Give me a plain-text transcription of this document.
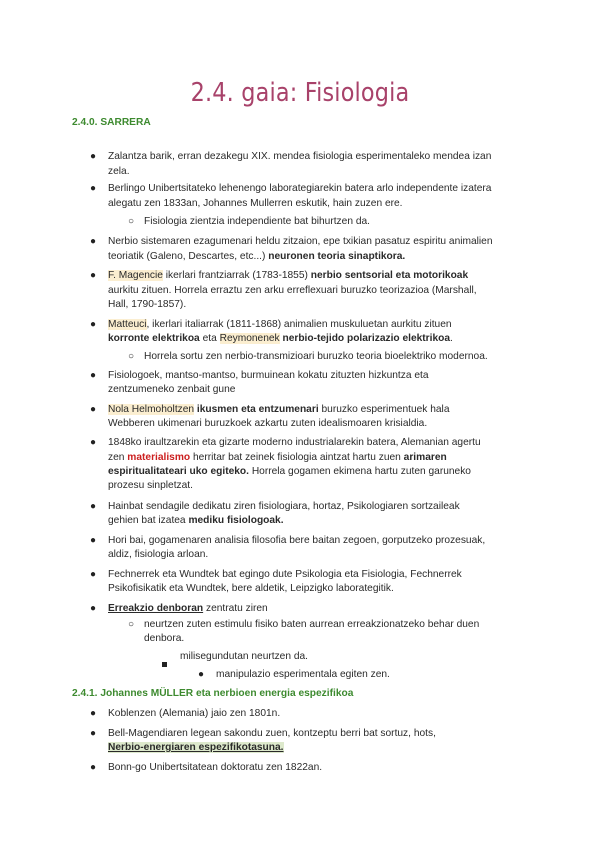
2.4. gaia: Fisiologia
2.4.0. SARRERA
● Zalantza barik, erran dezakegu XIX. mendea fisiologia esperimentaleko mendea izan
zela.
● Berlingo Unibertsitateko lehenengo laborategiarekin batera arlo independente izatera
alegatu zen 1833an, Johannes Mullerren eskutik, hain zuzen ere.
○ Fisiologia zientzia independiente bat bihurtzen da.
● Nerbio sistemaren ezagumenari heldu zitzaion, epe txikian pasatuz espiritu animalien
teoriatik (Galeno, Descartes, etc...) neuronen teoria sinaptikora.
● F. Magencie ikerlari frantziarrak (1783-1855) nerbio sentsorial eta motorikoak
aurkitu zituen. Horrela erraztu zen arku erreflexuari buruzko teorizazioa (Marshall,
Hall, 1790-1857).
● Matteuci, ikerlari italiarrak (1811-1868) animalien muskuluetan aurkitu zituen
korronte elektrikoa eta Reymonenek nerbio-tejido polarizazio elektrikoa.
○ Horrela sortu zen nerbio-transmizioari buruzko teoria bioelektriko modernoa.
● Fisiologoek, mantso-mantso, burmuinean kokatu zituzten hizkuntza eta
zentzumeneko zenbait gune
● Nola Helmoholtzen ikusmen eta entzumenari buruzko esperimentuek hala
Webberen ukimenari buruzkoek azkartu zuten idealismoaren krisialdia.
● 1848ko iraultzarekin eta gizarte moderno industrialarekin batera, Alemanian agertu
zen materialismo herritar bat zeinek fisiologia aintzat hartu zuen arimaren
espiritualitateari uko egiteko. Horrela gogamen ekimena hartu zuten garuneko
prozesu sinpletzat.
● Hainbat sendagile dedikatu ziren fisiologiara, hortaz, Psikologiaren sortzaileak
gehien bat izatea mediku fisiologoak.
● Hori bai, gogamenaren analisia filosofia bere baitan zegoen, gorputzeko prozesuak,
aldiz, fisiologia arloan.
● Fechnerrek eta Wundtek bat egingo dute Psikologia eta Fisiologia, Fechnerrek
Psikofisikatik eta Wundtek, bere aldetik, Leipzigko laborategitik.
● Erreakzio denboran zentratu ziren
○ neurtzen zuten estimulu fisiko baten aurrean erreakzionatzeko behar duen
denbora.
milisegundutan neurtzen da.
● manipulazio esperimentala egiten zen.
2.4.1. Johannes MÜLLER eta nerbioen energia espezifikoa
● Koblenzen (Alemania) jaio zen 1801n.
● Bell-Magendiaren legean sakondu zuen, kontzeptu berri bat sortuz, hots,
Nerbio-energiaren espezifikotasuna.
● Bonn-go Unibertsitatean doktoratu zen 1822an.
